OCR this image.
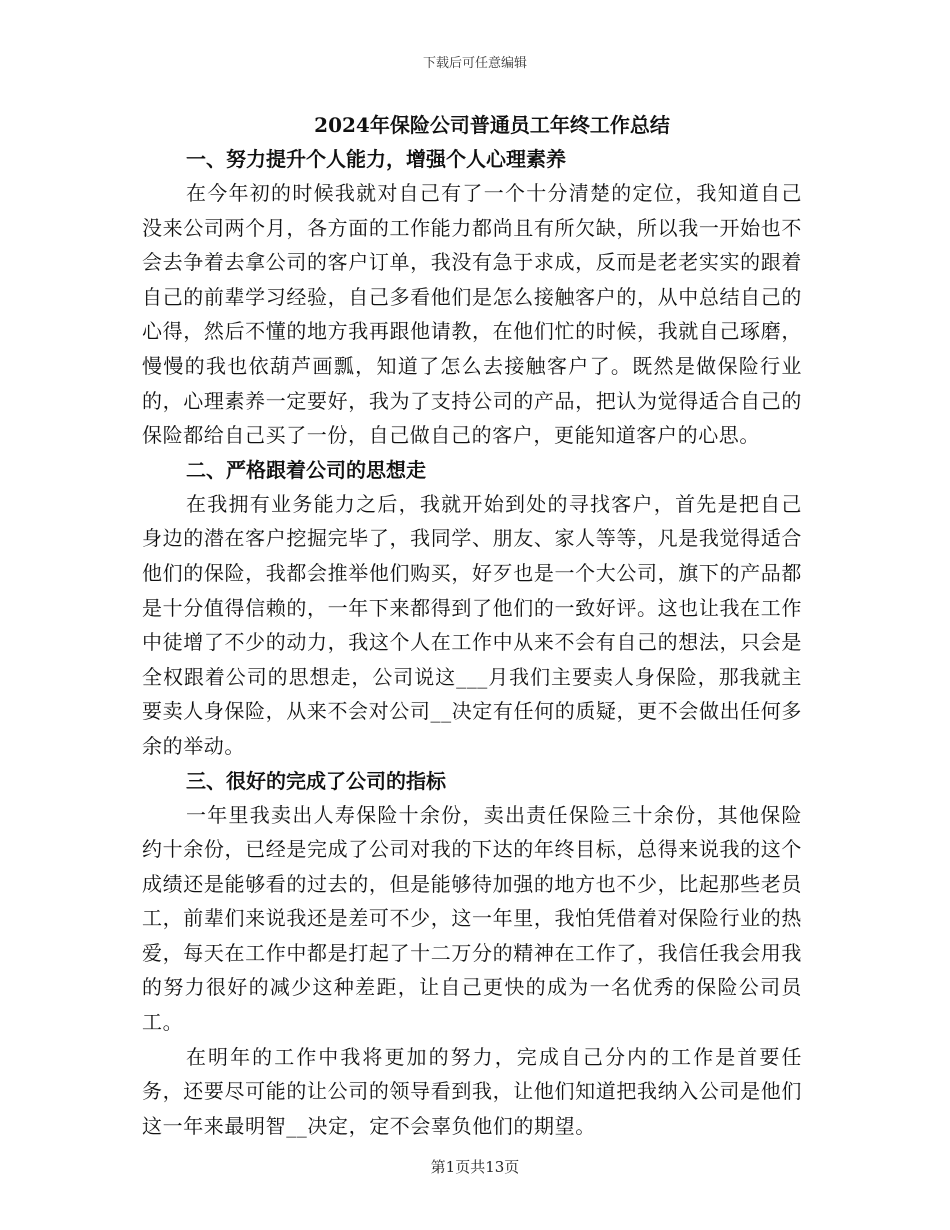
下载后可任意编辑
2024年保险公司普通员工年终工作总结
一、努力提升个人能力，增强个人心理素养

在今年初的时候我就对自己有了一个十分清楚的定位，我知道自己没来公司两个月，各方面的工作能力都尚且有所欠缺，所以我一开始也不会去争着去拿公司的客户订单，我没有急于求成，反而是老老实实的跟着自己的前辈学习经验，自己多看他们是怎么接触客户的，从中总结自己的心得，然后不懂的地方我再跟他请教，在他们忙的时候，我就自己琢磨，慢慢的我也依葫芦画瓢，知道了怎么去接触客户了。既然是做保险行业的，心理素养一定要好，我为了支持公司的产品，把认为觉得适合自己的保险都给自己买了一份，自己做自己的客户，更能知道客户的心思。

二、严格跟着公司的思想走

在我拥有业务能力之后，我就开始到处的寻找客户，首先是把自己身边的潜在客户挖掘完毕了，我同学、朋友、家人等等，凡是我觉得适合他们的保险，我都会推举他们购买，好歹也是一个大公司，旗下的产品都是十分值得信赖的，一年下来都得到了他们的一致好评。这也让我在工作中徒增了不少的动力，我这个人在工作中从来不会有自己的想法，只会是全权跟着公司的思想走，公司说这___月我们主要卖人身保险，那我就主要卖人身保险，从来不会对公司__决定有任何的质疑，更不会做出任何多余的举动。

三、很好的完成了公司的指标

一年里我卖出人寿保险十余份，卖出责任保险三十余份，其他保险约十余份，已经是完成了公司对我的下达的年终目标，总得来说我的这个成绩还是能够看的过去的，但是能够待加强的地方也不少，比起那些老员工，前辈们来说我还是差可不少，这一年里，我怕凭借着对保险行业的热爱，每天在工作中都是打起了十二万分的精神在工作了，我信任我会用我的努力很好的减少这种差距，让自己更快的成为一名优秀的保险公司员工。

在明年的工作中我将更加的努力，完成自己分内的工作是首要任务，还要尽可能的让公司的领导看到我，让他们知道把我纳入公司是他们这一年来最明智__决定，定不会辜负他们的期望。

第1页共13页
